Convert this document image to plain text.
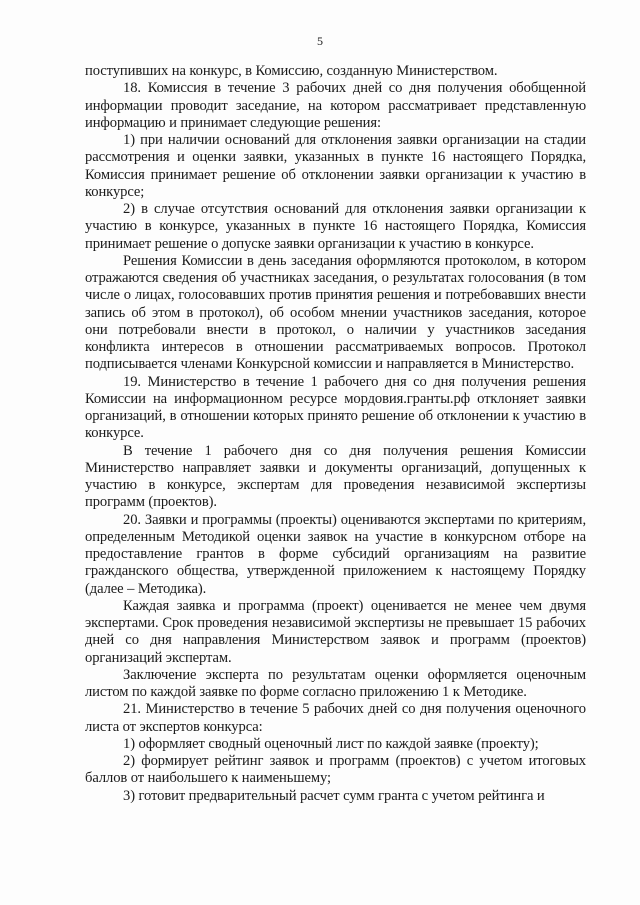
5

поступивших на конкурс, в Комиссию, созданную Министерством.

18. Комиссия в течение 3 рабочих дней со дня получения обобщенной информации проводит заседание, на котором рассматривает представленную информацию и принимает следующие решения:

1) при наличии оснований для отклонения заявки организации на стадии рассмотрения и оценки заявки, указанных в пункте 16 настоящего Порядка, Комиссия принимает решение об отклонении заявки организации к участию в конкурсе;

2) в случае отсутствия оснований для отклонения заявки организации к участию в конкурсе, указанных в пункте 16 настоящего Порядка, Комиссия принимает решение о допуске заявки организации к участию в конкурсе.

Решения Комиссии в день заседания оформляются протоколом, в котором отражаются сведения об участниках заседания, о результатах голосования (в том числе о лицах, голосовавших против принятия решения и потребовавших внести запись об этом в протокол), об особом мнении участников заседания, которое они потребовали внести в протокол, о наличии у участников заседания конфликта интересов в отношении рассматриваемых вопросов. Протокол подписывается членами Конкурсной комиссии и направляется в Министерство.

19. Министерство в течение 1 рабочего дня со дня получения решения Комиссии на информационном ресурсе мордовия.гранты.рф отклоняет заявки организаций, в отношении которых принято решение об отклонении к участию в конкурсе.

В течение 1 рабочего дня со дня получения решения Комиссии Министерство направляет заявки и документы организаций, допущенных к участию в конкурсе, экспертам для проведения независимой экспертизы программ (проектов).

20. Заявки и программы (проекты) оцениваются экспертами по критериям, определенным Методикой оценки заявок на участие в конкурсном отборе на предоставление грантов в форме субсидий организациям на развитие гражданского общества, утвержденной приложением к настоящему Порядку (далее – Методика).

Каждая заявка и программа (проект) оценивается не менее чем двумя экспертами. Срок проведения независимой экспертизы не превышает 15 рабочих дней со дня направления Министерством заявок и программ (проектов) организаций экспертам.

Заключение эксперта по результатам оценки оформляется оценочным листом по каждой заявке по форме согласно приложению 1 к Методике.

21. Министерство в течение 5 рабочих дней со дня получения оценочного листа от экспертов конкурса:

1) оформляет сводный оценочный лист по каждой заявке (проекту);

2) формирует рейтинг заявок и программ (проектов) с учетом итоговых баллов от наибольшего к наименьшему;

3) готовит предварительный расчет сумм гранта с учетом рейтинга и
